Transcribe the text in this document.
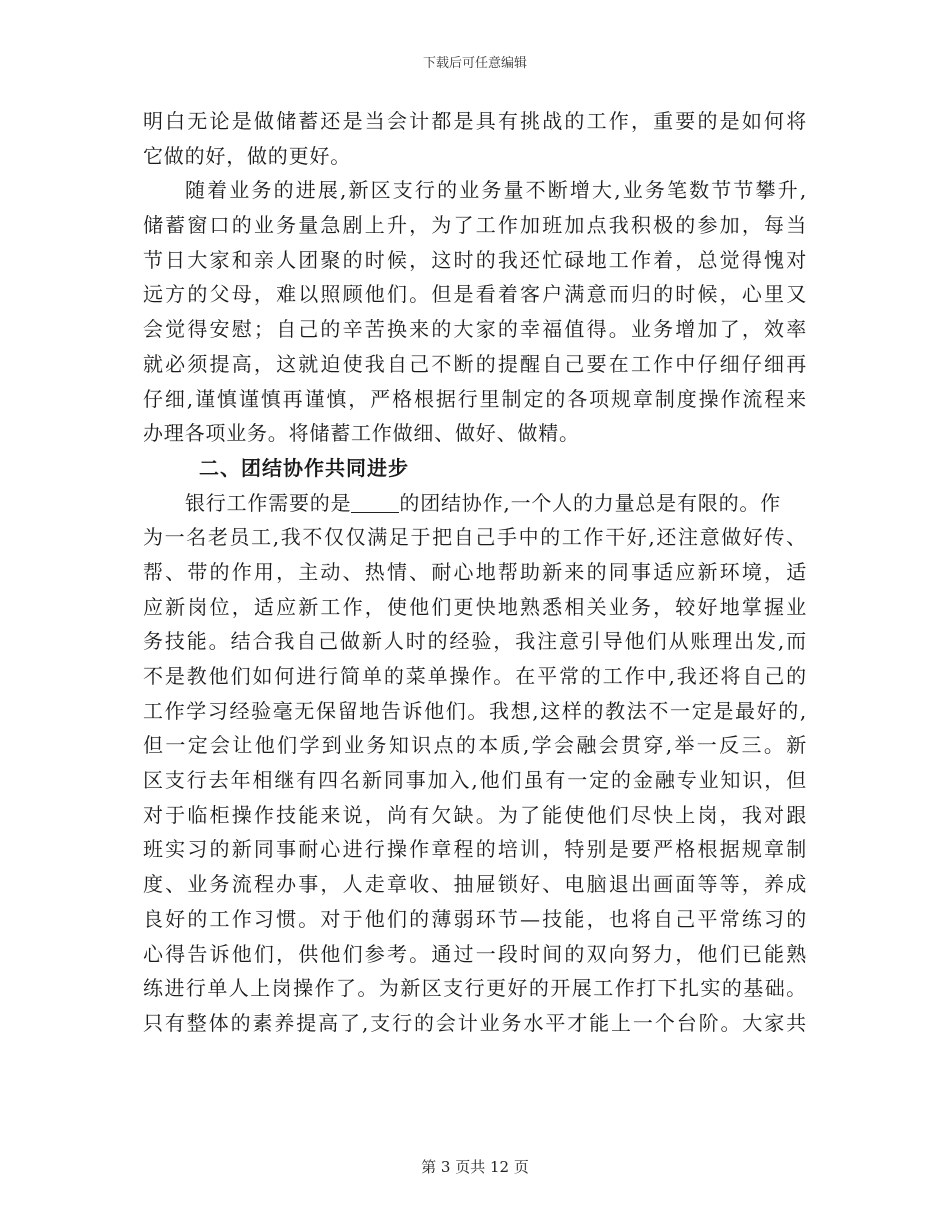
下载后可任意编辑
明白无论是做储蓄还是当会计都是具有挑战的工作，重要的是如何将
它做的好，做的更好。
随着业务的进展,新区支行的业务量不断增大,业务笔数节节攀升,
储蓄窗口的业务量急剧上升，为了工作加班加点我积极的参加，每当
节日大家和亲人团聚的时候，这时的我还忙碌地工作着，总觉得愧对
远方的父母，难以照顾他们。但是看着客户满意而归的时候，心里又
会觉得安慰；自己的辛苦换来的大家的幸福值得。业务增加了，效率
就必须提高，这就迫使我自己不断的提醒自己要在工作中仔细仔细再
仔细,谨慎谨慎再谨慎，严格根据行里制定的各项规章制度操作流程来
办理各项业务。将储蓄工作做细、做好、做精。
二、团结协作共同进步
银行工作需要的是 的团结协作,一个人的力量总是有限的。作
为一名老员工,我不仅仅满足于把自己手中的工作干好,还注意做好传、
帮、带的作用，主动、热情、耐心地帮助新来的同事适应新环境，适
应新岗位，适应新工作，使他们更快地熟悉相关业务，较好地掌握业
务技能。结合我自己做新人时的经验，我注意引导他们从账理出发,而
不是教他们如何进行简单的菜单操作。在平常的工作中,我还将自己的
工作学习经验毫无保留地告诉他们。我想,这样的教法不一定是最好的,
但一定会让他们学到业务知识点的本质,学会融会贯穿,举一反三。新
区支行去年相继有四名新同事加入,他们虽有一定的金融专业知识，但
对于临柜操作技能来说，尚有欠缺。为了能使他们尽快上岗，我对跟
班实习的新同事耐心进行操作章程的培训，特别是要严格根据规章制
度、业务流程办事，人走章收、抽屉锁好、电脑退出画面等等，养成
良好的工作习惯。对于他们的薄弱环节—技能，也将自己平常练习的
心得告诉他们，供他们参考。通过一段时间的双向努力，他们已能熟
练进行单人上岗操作了。为新区支行更好的开展工作打下扎实的基础。
只有整体的素养提高了,支行的会计业务水平才能上一个台阶。大家共
第 3 页共 12 页
